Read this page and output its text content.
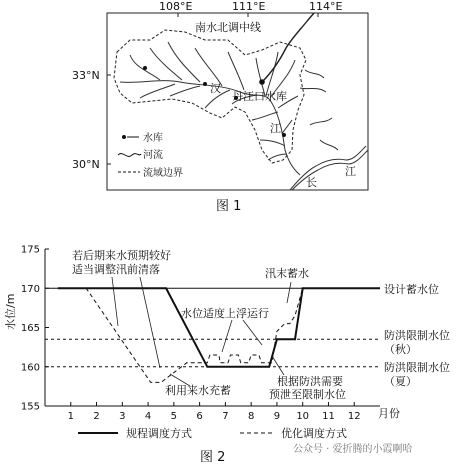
108°E	111°E	114°E
33°N
30°N
南水北调中线
汉
丹江口水库
江
长
江
水库
河流
流域边界
图 1
水位/m
155
160
165
170
175
1 2 3 4 5 6 7 8 9 10 11 12 月份
设计蓄水位
防洪限制水位
（秋）
防洪限制水位
（夏）
若后期来水预期较好
适当调整汛前清落	汛末蓄水
水位适度上浮运行
利用来水充蓄
根据防洪需要
预泄至限制水位
规程调度方式	优化调度方式
图 2
公众号 · 爱折腾的小霞啊哈
